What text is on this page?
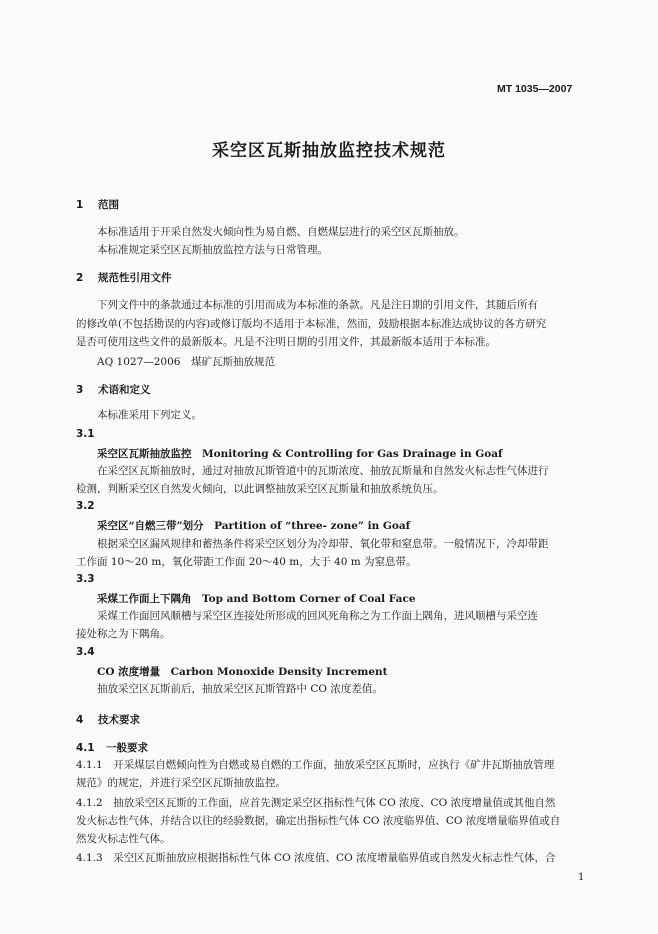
MT 1035—2007
采空区瓦斯抽放监控技术规范
1 范围
本标准适用于开采自然发火倾向性为易自燃、自燃煤层进行的采空区瓦斯抽放。
本标准规定采空区瓦斯抽放监控方法与日常管理。
2 规范性引用文件
下列文件中的条款通过本标准的引用而成为本标准的条款。凡是注日期的引用文件，其随后所有
的修改单(不包括勘误的内容)或修订版均不适用于本标准，然而，鼓励根据本标准达成协议的各方研究
是否可使用这些文件的最新版本。凡是不注明日期的引用文件，其最新版本适用于本标准。
AQ 1027—2006　煤矿瓦斯抽放规范
3 术语和定义
本标准采用下列定义。
3.1
采空区瓦斯抽放监控　Monitoring & Controlling for Gas Drainage in Goaf
在采空区瓦斯抽放时，通过对抽放瓦斯管道中的瓦斯浓度、抽放瓦斯量和自然发火标志性气体进行
检测，判断采空区自然发火倾向，以此调整抽放采空区瓦斯量和抽放系统负压。
3.2
采空区“自燃三带”划分　Partition of “three- zone” in Goaf
根据采空区漏风规律和蓄热条件将采空区划分为冷却带、氧化带和窒息带。一般情况下，冷却带距
工作面 10～20 m，氧化带距工作面 20～40 m，大于 40 m 为窒息带。
3.3
采煤工作面上下隅角　Top and Bottom Corner of Coal Face
采煤工作面回风顺槽与采空区连接处所形成的回风死角称之为工作面上隅角，进风顺槽与采空连
接处称之为下隅角。
3.4
CO 浓度增量　Carbon Monoxide Density Increment
抽放采空区瓦斯前后，抽放采空区瓦斯管路中 CO 浓度差值。
4 技术要求
4.1 一般要求
4.1.1　开采煤层自燃倾向性为自燃或易自燃的工作面，抽放采空区瓦斯时，应执行《矿井瓦斯抽放管理
规范》的规定，并进行采空区瓦斯抽放监控。
4.1.2　抽放采空区瓦斯的工作面，应首先测定采空区指标性气体 CO 浓度、CO 浓度增量值或其他自然
发火标志性气体，并结合以往的经验数据，确定出指标性气体 CO 浓度临界值、CO 浓度增量临界值或自
然发火标志性气体。
4.1.3　采空区瓦斯抽放应根据指标性气体 CO 浓度值、CO 浓度增量临界值或自然发火标志性气体，合
1
